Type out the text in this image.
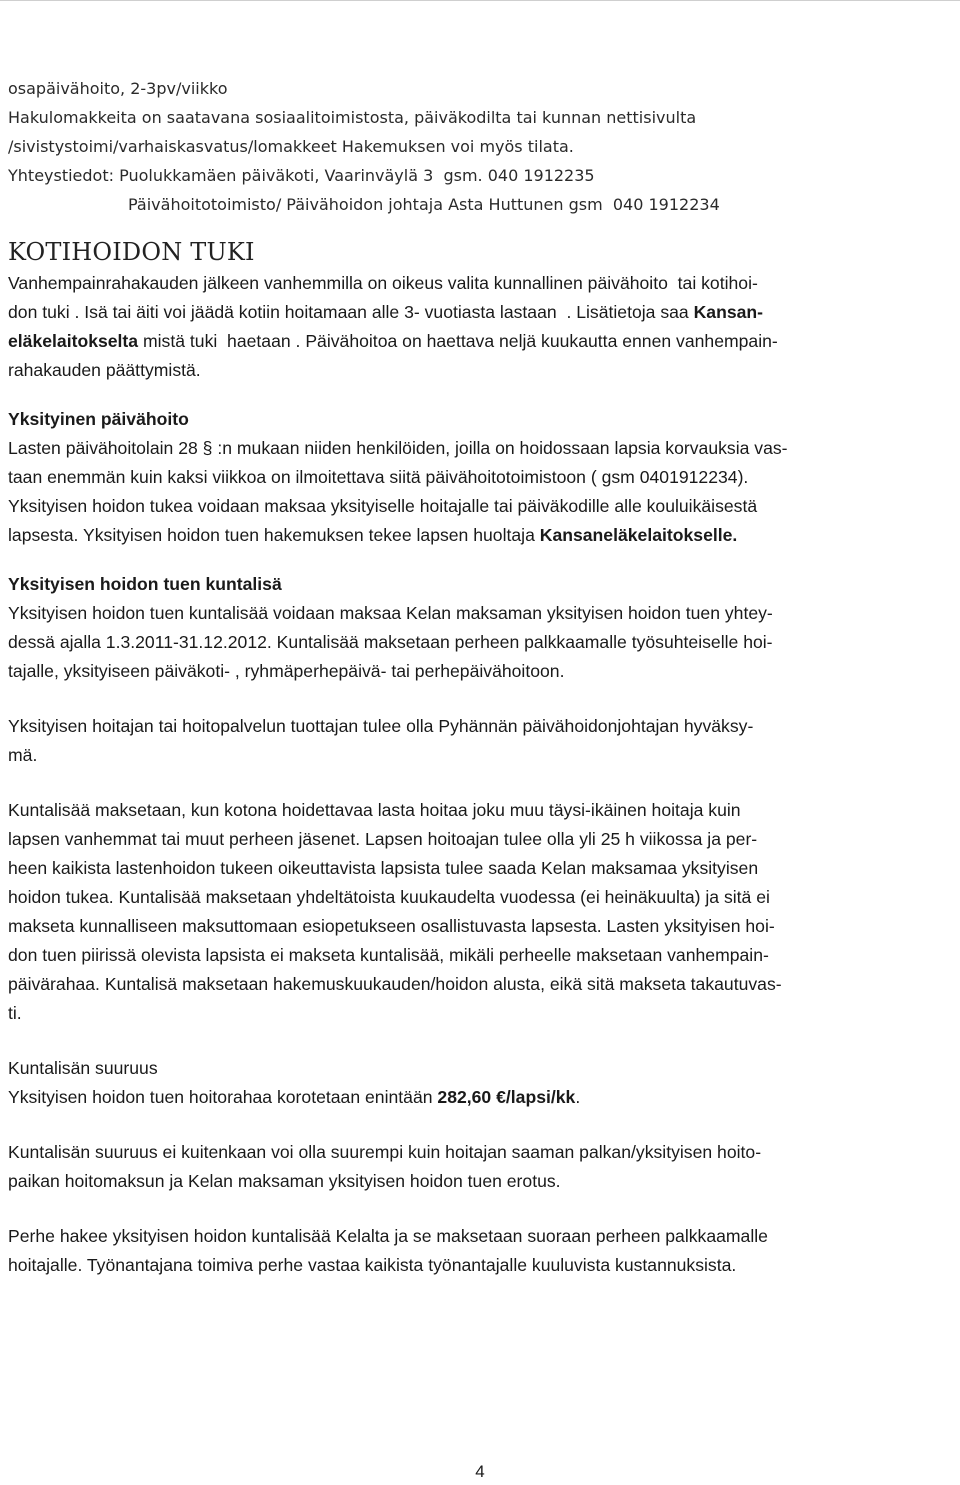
osapäivähoito, 2-3pv/viikko
Hakulomakkeita on saatavana sosiaalitoimistosta, päiväkodilta tai kunnan nettisivulta
/sivistystoimi/varhaiskasvatus/lomakkeet Hakemuksen voi myös tilata.
Yhteystiedot: Puolukkamäen päiväkoti, Vaarinväylä 3  gsm. 040 1912235
Päivähoitotoimisto/ Päivähoidon johtaja Asta Huttunen gsm  040 1912234
KOTIHOIDON TUKI
Vanhempainrahakauden jälkeen vanhemmilla on oikeus valita kunnallinen päivähoito  tai kotihoi-
don tuki . Isä tai äiti voi jäädä kotiin hoitamaan alle 3- vuotiasta lastaan  . Lisätietoja saa Kansan-
eläkelaitokselta mistä tuki  haetaan . Päivähoitoa on haettava neljä kuukautta ennen vanhempain-
rahakauden päättymistä.
Yksityinen päivähoito
Lasten päivähoitolain 28 § :n mukaan niiden henkilöiden, joilla on hoidossaan lapsia korvauksia vas-
taan enemmän kuin kaksi viikkoa on ilmoitettava siitä päivähoitotoimistoon ( gsm 0401912234).
Yksityisen hoidon tukea voidaan maksaa yksityiselle hoitajalle tai päiväkodille alle kouluikäisestä
lapsesta. Yksityisen hoidon tuen hakemuksen tekee lapsen huoltaja Kansaneläkelaitokselle.
Yksityisen hoidon tuen kuntalisä
Yksityisen hoidon tuen kuntalisää voidaan maksaa Kelan maksaman yksityisen hoidon tuen yhtey-
dessä ajalla 1.3.2011-31.12.2012. Kuntalisää maksetaan perheen palkkaamalle työsuhteiselle hoi-
tajalle, yksityiseen päiväkoti- , ryhmäperhepäivä- tai perhepäivähoitoon.
Yksityisen hoitajan tai hoitopalvelun tuottajan tulee olla Pyhännän päivähoidonjohtajan hyväksy-
mä.
Kuntalisää maksetaan, kun kotona hoidettavaa lasta hoitaa joku muu täysi-ikäinen hoitaja kuin
lapsen vanhemmat tai muut perheen jäsenet. Lapsen hoitoajan tulee olla yli 25 h viikossa ja per-
heen kaikista lastenhoidon tukeen oikeuttavista lapsista tulee saada Kelan maksamaa yksityisen
hoidon tukea. Kuntalisää maksetaan yhdeltätoista kuukaudelta vuodessa (ei heinäkuulta) ja sitä ei
makseta kunnalliseen maksuttomaan esiopetukseen osallistuvasta lapsesta. Lasten yksityisen hoi-
don tuen piirissä olevista lapsista ei makseta kuntalisää, mikäli perheelle maksetaan vanhempain-
päivärahaa. Kuntalisä maksetaan hakemuskuukauden/hoidon alusta, eikä sitä makseta takautuvas-
ti.
Kuntalisän suuruus
Yksityisen hoidon tuen hoitorahaa korotetaan enintään 282,60 €/lapsi/kk.
Kuntalisän suuruus ei kuitenkaan voi olla suurempi kuin hoitajan saaman palkan/yksityisen hoito-
paikan hoitomaksun ja Kelan maksaman yksityisen hoidon tuen erotus.
Perhe hakee yksityisen hoidon kuntalisää Kelalta ja se maksetaan suoraan perheen palkkaamalle
hoitajalle. Työnantajana toimiva perhe vastaa kaikista työnantajalle kuuluvista kustannuksista.
4
